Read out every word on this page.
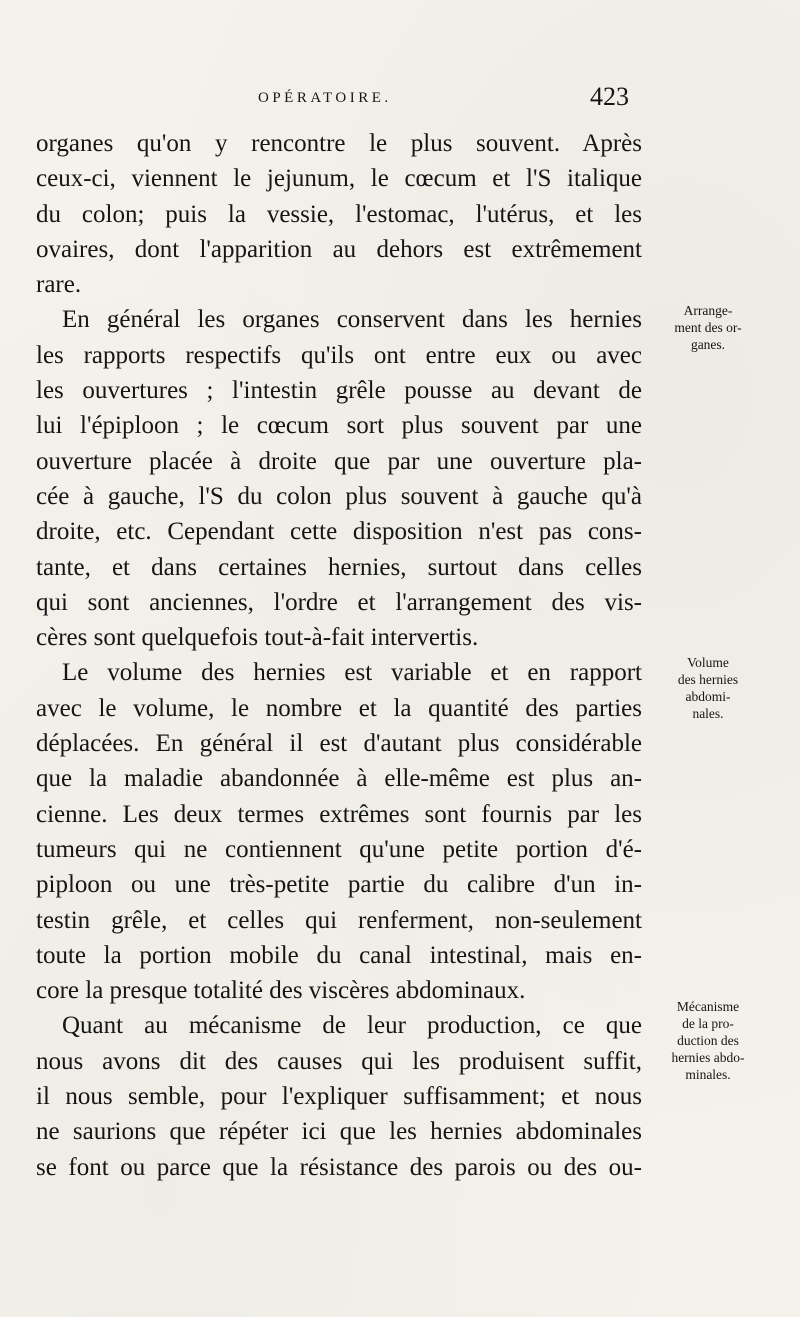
OPÉRATOIRE.	423
organes qu'on y rencontre le plus souvent. Après
ceux-ci, viennent le jejunum, le cœcum et l'S italique
du colon; puis la vessie, l'estomac, l'utérus, et les
ovaires, dont l'apparition au dehors est extrêmement
rare.
En général les organes conservent dans les hernies
les rapports respectifs qu'ils ont entre eux ou avec
les ouvertures ; l'intestin grêle pousse au devant de
lui l'épiploon ; le cœcum sort plus souvent par une
ouverture placée à droite que par une ouverture pla-
cée à gauche, l'S du colon plus souvent à gauche qu'à
droite, etc. Cependant cette disposition n'est pas cons-
tante, et dans certaines hernies, surtout dans celles
qui sont anciennes, l'ordre et l'arrangement des vis-
cères sont quelquefois tout-à-fait intervertis.
Le volume des hernies est variable et en rapport
avec le volume, le nombre et la quantité des parties
déplacées. En général il est d'autant plus considérable
que la maladie abandonnée à elle-même est plus an-
cienne. Les deux termes extrêmes sont fournis par les
tumeurs qui ne contiennent qu'une petite portion d'é-
piploon ou une très-petite partie du calibre d'un in-
testin grêle, et celles qui renferment, non-seulement
toute la portion mobile du canal intestinal, mais en-
core la presque totalité des viscères abdominaux.
Quant au mécanisme de leur production, ce que
nous avons dit des causes qui les produisent suffit,
il nous semble, pour l'expliquer suffisamment; et nous
ne saurions que répéter ici que les hernies abdominales
se font ou parce que la résistance des parois ou des ou-
Arrange-
ment des or-
ganes.
Volume
des hernies
abdomi-
nales.
Mécanisme
de la pro-
duction des
hernies abdo-
minales.
